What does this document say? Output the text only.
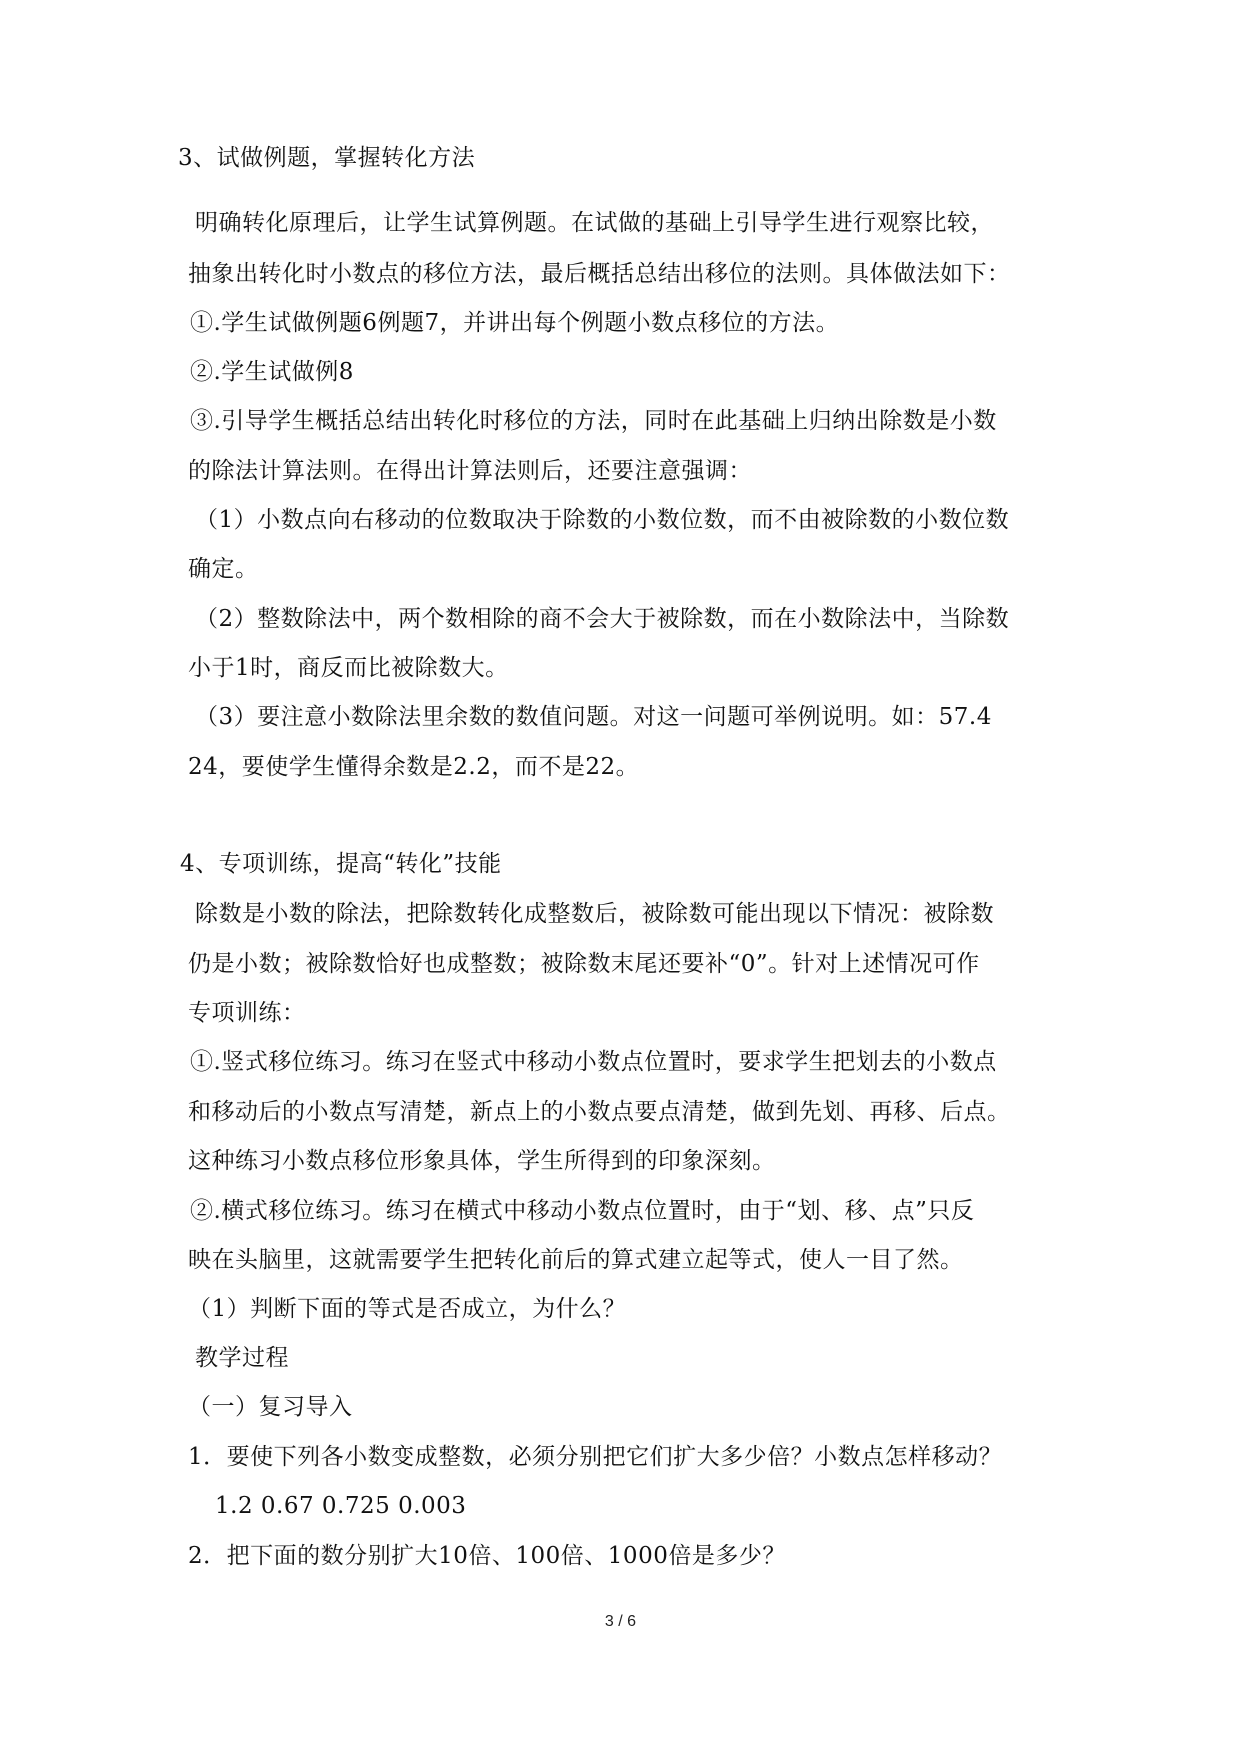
3、试做例题，掌握转化方法
明确转化原理后，让学生试算例题。在试做的基础上引导学生进行观察比较，
抽象出转化时小数点的移位方法，最后概括总结出移位的法则。具体做法如下：
①.学生试做例题6例题7，并讲出每个例题小数点移位的方法。
②.学生试做例8
③.引导学生概括总结出转化时移位的方法，同时在此基础上归纳出除数是小数
的除法计算法则。在得出计算法则后，还要注意强调：
（1）小数点向右移动的位数取决于除数的小数位数，而不由被除数的小数位数
确定。
（2）整数除法中，两个数相除的商不会大于被除数，而在小数除法中，当除数
小于1时，商反而比被除数大。
（3）要注意小数除法里余数的数值问题。对这一问题可举例说明。如：57.4
24，要使学生懂得余数是2.2，而不是22。
4、专项训练，提高“转化”技能
除数是小数的除法，把除数转化成整数后，被除数可能出现以下情况：被除数
仍是小数；被除数恰好也成整数；被除数末尾还要补“0”。针对上述情况可作
专项训练：
①.竖式移位练习。练习在竖式中移动小数点位置时，要求学生把划去的小数点
和移动后的小数点写清楚，新点上的小数点要点清楚，做到先划、再移、后点。
这种练习小数点移位形象具体，学生所得到的印象深刻。
②.横式移位练习。练习在横式中移动小数点位置时，由于“划、移、点”只反
映在头脑里，这就需要学生把转化前后的算式建立起等式，使人一目了然。
（1）判断下面的等式是否成立，为什么？
教学过程
（一）复习导入
1．要使下列各小数变成整数，必须分别把它们扩大多少倍？小数点怎样移动？
1.2 0.67 0.725 0.003
2．把下面的数分别扩大10倍、100倍、1000倍是多少？
3 / 6
